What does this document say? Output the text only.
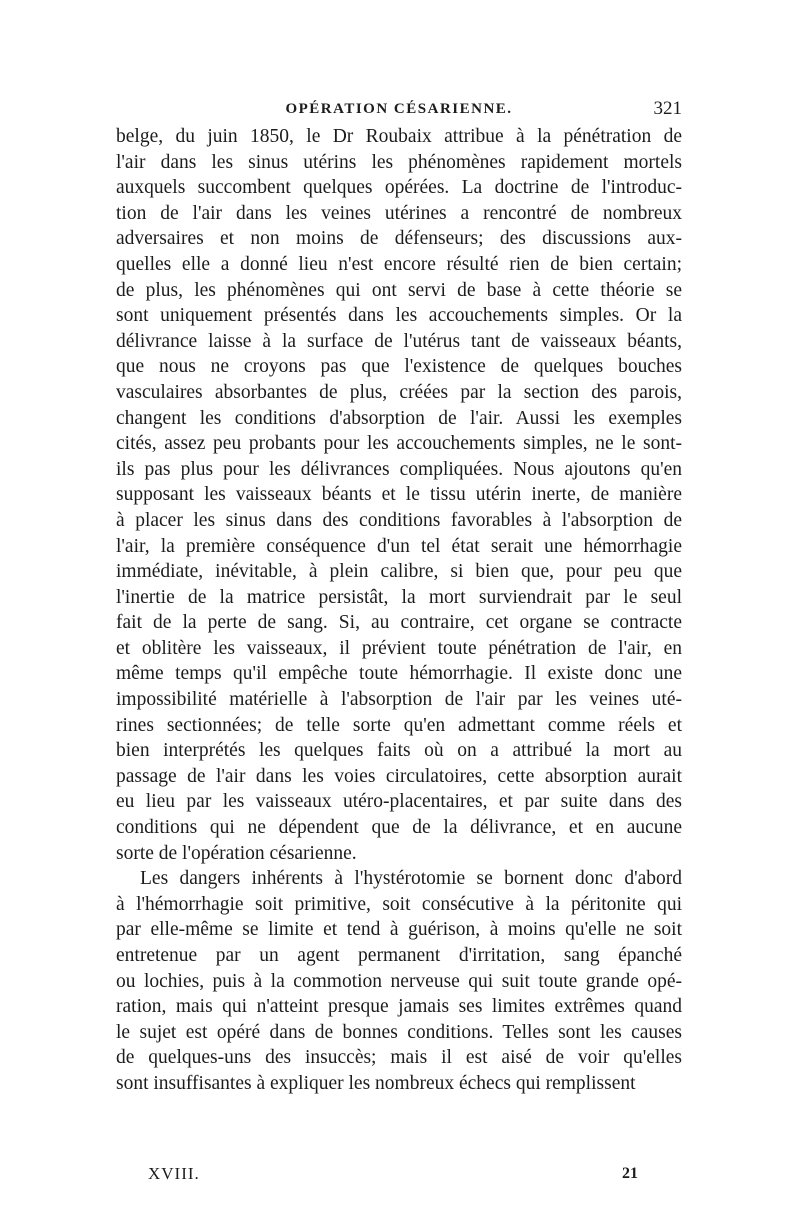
OPÉRATION CÉSARIENNE.	321
belge, du juin 1850, le Dr Roubaix attribue à la pénétration de
l'air dans les sinus utérins les phénomènes rapidement mortels
auxquels succombent quelques opérées. La doctrine de l'introduc-
tion de l'air dans les veines utérines a rencontré de nombreux
adversaires et non moins de défenseurs; des discussions aux-
quelles elle a donné lieu n'est encore résulté rien de bien certain;
de plus, les phénomènes qui ont servi de base à cette théorie se
sont uniquement présentés dans les accouchements simples. Or la
délivrance laisse à la surface de l'utérus tant de vaisseaux béants,
que nous ne croyons pas que l'existence de quelques bouches
vasculaires absorbantes de plus, créées par la section des parois,
changent les conditions d'absorption de l'air. Aussi les exemples
cités, assez peu probants pour les accouchements simples, ne le sont-
ils pas plus pour les délivrances compliquées. Nous ajoutons qu'en
supposant les vaisseaux béants et le tissu utérin inerte, de manière
à placer les sinus dans des conditions favorables à l'absorption de
l'air, la première conséquence d'un tel état serait une hémorrhagie
immédiate, inévitable, à plein calibre, si bien que, pour peu que
l'inertie de la matrice persistât, la mort surviendrait par le seul
fait de la perte de sang. Si, au contraire, cet organe se contracte
et oblitère les vaisseaux, il prévient toute pénétration de l'air, en
même temps qu'il empêche toute hémorrhagie. Il existe donc une
impossibilité matérielle à l'absorption de l'air par les veines uté-
rines sectionnées; de telle sorte qu'en admettant comme réels et
bien interprétés les quelques faits où on a attribué la mort au
passage de l'air dans les voies circulatoires, cette absorption aurait
eu lieu par les vaisseaux utéro-placentaires, et par suite dans des
conditions qui ne dépendent que de la délivrance, et en aucune
sorte de l'opération césarienne.
Les dangers inhérents à l'hystérotomie se bornent donc d'abord
à l'hémorrhagie soit primitive, soit consécutive à la péritonite qui
par elle-même se limite et tend à guérison, à moins qu'elle ne soit
entretenue par un agent permanent d'irritation, sang épanché
ou lochies, puis à la commotion nerveuse qui suit toute grande opé-
ration, mais qui n'atteint presque jamais ses limites extrêmes quand
le sujet est opéré dans de bonnes conditions. Telles sont les causes
de quelques-uns des insuccès; mais il est aisé de voir qu'elles
sont insuffisantes à expliquer les nombreux échecs qui remplissent
XVIII.	21
